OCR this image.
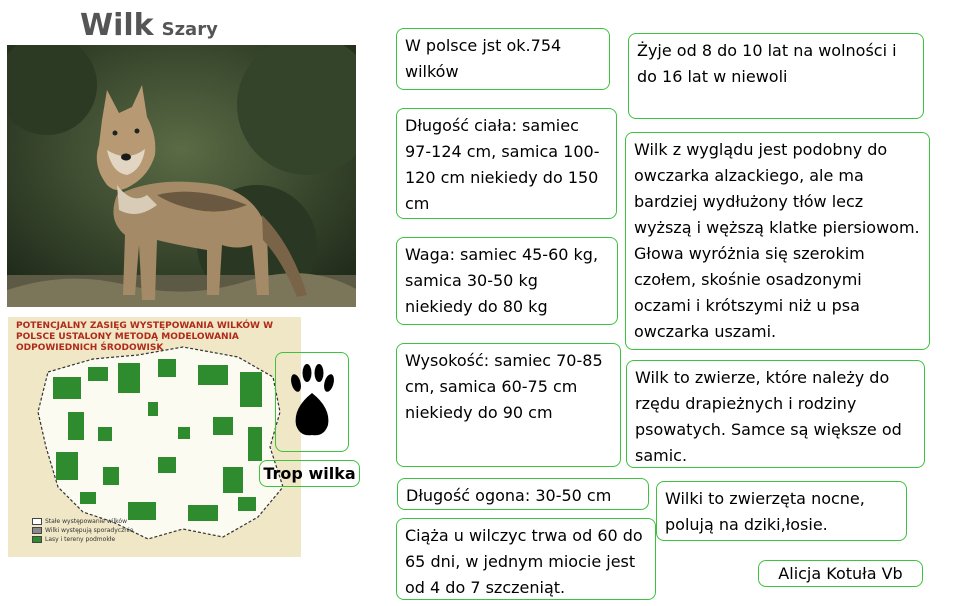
Wilk Szary
POTENCJALNY ZASIĘG WYSTĘPOWANIA WILKÓW W POLSCE USTALONY METODĄ MODELOWANIA ODPOWIEDNICH ŚRODOWISK
Stałe występowanie wilków
Wilki występują sporadycznie
Lasy i tereny podmokłe
Trop wilka
W polsce jst ok.754 wilków
Długość ciała: samiec 97-124 cm, samica 100-120 cm niekiedy do 150 cm
Waga: samiec 45-60 kg, samica 30-50 kg niekiedy do 80 kg
Wysokość: samiec 70-85 cm, samica 60-75 cm niekiedy do 90 cm
Długość ogona: 30-50 cm
Ciąża u wilczyc trwa od 60 do 65 dni, w jednym miocie jest od 4 do 7 szczeniąt.
Żyje od 8 do 10 lat na wolności i do 16 lat w niewoli
Wilk z wyglądu jest podobny do owczarka alzackiego, ale ma bardziej wydłużony tłów lecz wyższą i węższą klatke piersiowom. Głowa wyróżnia się szerokim czołem, skośnie osadzonymi oczami i krótszymi niż u psa owczarka uszami.
Wilk to zwierze, które należy do rzędu drapieżnych i rodziny psowatych. Samce są większe od samic.
Wilki to zwierzęta nocne, polują na dziki,łosie.
Alicja Kotuła Vb
